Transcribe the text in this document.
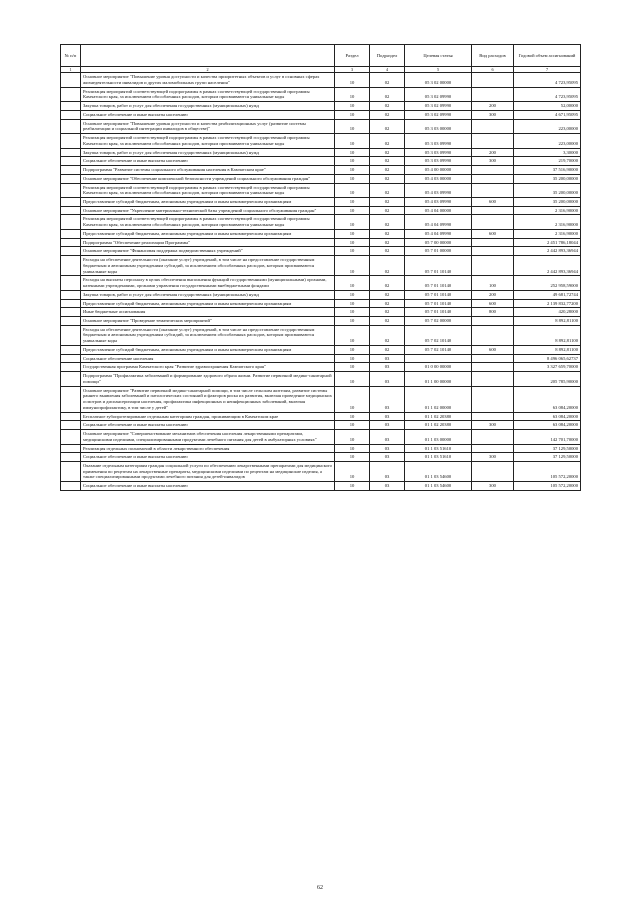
№ п/п		Раздел	Подраздел	Целевая статья	Вид расходов	Годовой объем ассигнований
1	2	3	4	5	6	7
	Основное мероприятие "Повышение уровня доступности и качества приоритетных объектов и услуг в основных сферах жизнедеятельности инвалидов и других маломобильных групп населения"	10	02	05 3 02 00000		4 723,95095
	Реализация мероприятий соответствующей подпрограммы в рамках соответствующей государственной программы Камчатского края, за исключением обособленных расходов, которым присваиваются уникальные коды	10	02	05 3 02 09990		4 723,95095
	Закупка товаров, работ и услуг для обеспечения государственных (муниципальных) нужд	10	02	05 3 02 09990	200	52,00000
	Социальное обеспечение и иные выплаты населению	10	02	05 3 02 09990	300	4 671,95095
	Основное мероприятие "Повышение уровня доступности и качества реабилитационных услуг (развитие системы реабилитации и социальной интеграции инвалидов в обществе)"	10	02	05 3 03 00000		223,00000
	Реализация мероприятий соответствующей подпрограммы в рамках соответствующей государственной программы Камчатского края, за исключением обособленных расходов, которым присваиваются уникальные коды	10	02	05 3 03 09990		223,00000
	Закупка товаров, работ и услуг для обеспечения государственных (муниципальных) нужд	10	02	05 3 03 09990	200	3,30000
	Социальное обеспечение и иные выплаты населению	10	02	05 3 03 09990	300	219,70000
	Подпрограмма "Развитие системы социального обслуживания населения в Камчатском крае"	10	02	05 4 00 00000		37 516,90000
	Основное мероприятие "Обеспечение комплексной безопасности учреждений социального обслуживания граждан"	10	02	05 4 03 00000		35 200,00000
	Реализация мероприятий соответствующей подпрограммы в рамках соответствующей государственной программы Камчатского края, за исключением обособленных расходов, которым присваиваются уникальные коды	10	02	05 4 03 09990		35 200,00000
	Предоставление субсидий бюджетным, автономным учреждениям и иным некоммерческим организациям	10	02	05 4 03 09990	600	35 200,00000
	Основное мероприятие "Укрепление материально-технической базы учреждений социального обслуживания граждан"	10	02	05 4 04 00000		2 316,90000
	Реализация мероприятий соответствующей подпрограммы в рамках соответствующей государственной программы Камчатского края, за исключением обособленных расходов, которым присваиваются уникальные коды	10	02	05 4 04 09990		2 316,90000
	Предоставление субсидий бюджетным, автономным учреждениям и иным некоммерческим организациям	10	02	05 4 04 09990	600	2 316,90000
	Подпрограмма "Обеспечение реализации Программы"	10	02	05 7 00 00000		2 451 786,18044
	Основное мероприятие "Финансовая поддержка подведомственных учреждений"	10	02	05 7 01 00000		2 442 893,36944
	Расходы на обеспечение деятельности (оказание услуг) учреждений, в том числе на предоставление государственным бюджетным и автономным учреждениям субсидий, за исключением обособленных расходов, которым присваиваются уникальные коды	10	02	05 7 01 10140		2 442 893,36944
	Расходы на выплаты персоналу в целях обеспечения выполнения функций государственными (муниципальными) органами, казенными учреждениями, органами управления государственными внебюджетными фондами	10	02	05 7 01 10140	100	252 958,59000
	Закупка товаров, работ и услуг для обеспечения государственных (муниципальных) нужд	10	02	05 7 01 10140	200	49 681,72744
	Предоставление субсидий бюджетным, автономным учреждениям и иным некоммерческим организациям	10	02	05 7 01 10140	600	2 139 832,77200
	Иные бюджетные ассигнования	10	02	05 7 01 10140	800	420,28000
	Основное мероприятие "Проведение тематических мероприятий"	10	02	05 7 02 00000		8 892,81100
	Расходы на обеспечение деятельности (оказание услуг) учреждений, в том числе на предоставление государственным бюджетным и автономным учреждениям субсидий, за исключением обособленных расходов, которым присваиваются уникальные коды	10	02	05 7 02 10140		8 892,81100
	Предоставление субсидий бюджетным, автономным учреждениям и иным некоммерческим организациям	10	02	05 7 02 10140	600	8 892,81100
	Социальное обеспечение населения	10	03			8 496 065,62737
	Государственная программа Камчатского края "Развитие здравоохранения Камчатского края"	10	03	01 0 00 00000		3 327 659,70000
	Подпрограмма "Профилактика заболеваний и формирование здорового образа жизни. Развитие первичной медико-санитарной помощи"	10	03	01 1 00 00000		205 785,90000
	Основное мероприятие "Развитие первичной медико-санитарной помощи, в том числе сельским жителям, развитие системы раннего выявления заболеваний и патологических состояний и факторов риска их развития, включая проведение медицинских осмотров и диспансеризации населения, профилактика инфекционных и неинфекционных заболеваний, включая иммунопрофилактику, в том числе у детей"	10	03	01 1 02 00000		63 084,20000
	Бесплатное зубопротезирование отдельным категориям граждан, проживающим в Камчатском крае	10	03	01 1 02 20380		63 084,20000
	Социальное обеспечение и иные выплаты населению	10	03	01 1 02 20380	300	63 084,20000
	Основное мероприятие "Совершенствование механизмов обеспечения населения лекарственными препаратами, медицинскими изделиями, специализированными продуктами лечебного питания для детей в амбулаторных условиях"	10	03	01 1 03 00000		142 701,70000
	Реализация отдельных полномочий в области лекарственного обеспечения	10	03	01 1 03 51610		37 129,50000
	Социальное обеспечение и иные выплаты населению	10	03	01 1 03 51610	300	37 129,50000
	Оказание отдельным категориям граждан социальной услуги по обеспечению лекарственными препаратами для медицинского применения по рецептам на лекарственные препараты, медицинскими изделиями по рецептам на медицинские изделия, а также специализированными продуктами лечебного питания для детей-инвалидов	10	03	01 1 03 54600		105 572,20000
	Социальное обеспечение и иные выплаты населению	10	03	01 1 03 54600	300	105 572,20000
62
